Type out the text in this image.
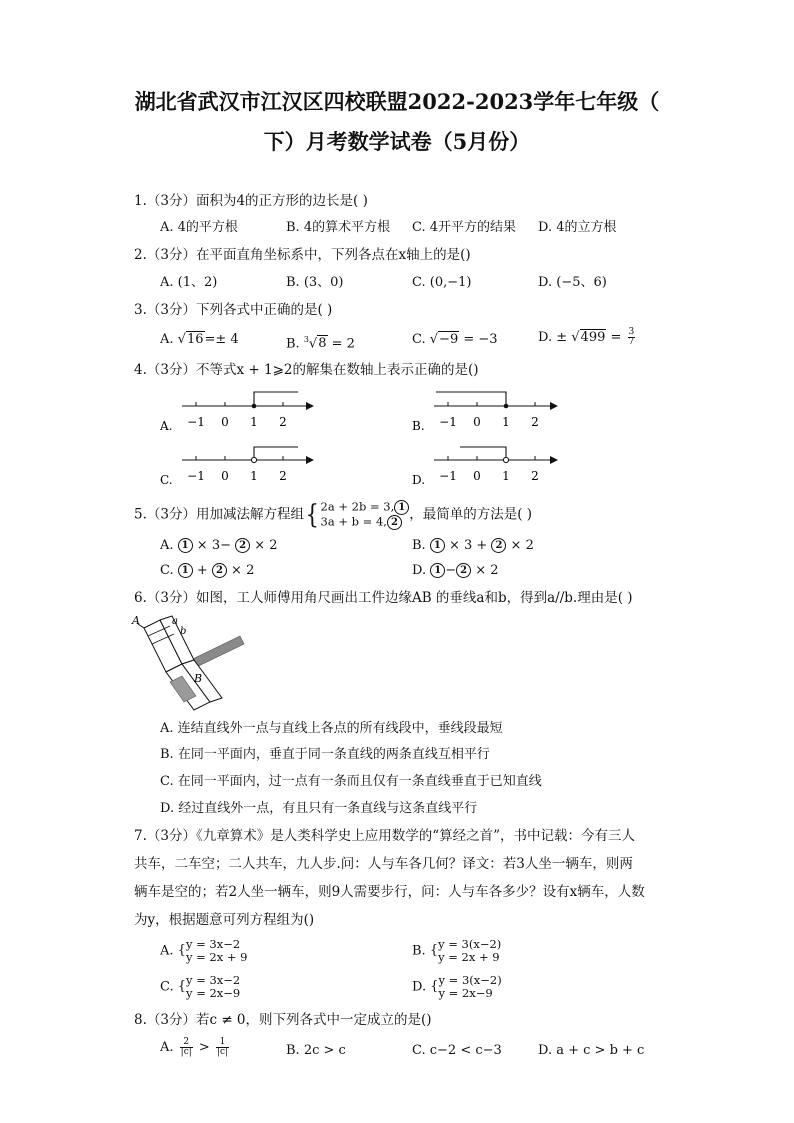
湖北省武汉市江汉区四校联盟2022-2023学年七年级（
下）月考数学试卷（5月份）
1.（3分）面积为4的正方形的边长是( )
A. 4的平方根	B. 4的算术平方根 C. 4开平方的结果 D. 4的立方根
2.（3分）在平面直角坐标系中，下列各点在x轴上的是()
A. (1、2)	B. (3、0)	C. (0,−1)	D. (−5、6)
3.（3分）下列各式中正确的是( )
A. √16=± 4	B. $^3$√8 = 2	C. √−9 = −3	D. ± $√499 = \frac{3}{7}$
4.（3分）不等式x + 1⩾2的解集在数轴上表示正确的是()
A. −1 0 1 2	B. −1 0 1 2
C. −1 0 1 2	D. −1 0 1 2
5.（3分）用加减法解方程组{ 2a + 2b = 3, 1
3a + b = 4, 2 ，最简单的方法是( )
A. 1 × 3− 2 × 2	B. 1 × 3 + 2 × 2
C. 1 + 2 × 2	D. 1 − 2 × 2
6.（3分）如图，工人师傅用角尺画出工件边缘AB 的垂线a和b，得到a//b.理由是( )
A	a
b
B
A. 连结直线外一点与直线上各点的所有线段中，垂线段最短
B. 在同一平面内，垂直于同一条直线的两条直线互相平行
C. 在同一平面内，过一点有一条而且仅有一条直线垂直于已知直线
D. 经过直线外一点，有且只有一条直线与这条直线平行
7.（3分）《九章算术》是人类科学史上应用数学的“算经之首”，书中记载：今有三人
共车，二车空；二人共车，九人步.问：人与车各几何？译文：若3人坐一辆车，则两
辆车是空的；若2人坐一辆车，则9人需要步行，问：人与车各多少？设有x辆车，人数
为y，根据题意可列方程组为()
A. {y = 3x−2
y = 2x + 9	B. {y = 3(x−2)
y = 2x + 9
C. {y = 3x−2
y = 2x−9	D. {y = 3(x−2)
y = 2x−9
8.（3分）若c ≠ 0，则下列各式中一定成立的是()
A. $\frac{2}{|c|} > \frac{1}{|c|}$	B. 2c > c	C. c−2 < c−3	D. a + c > b + c
